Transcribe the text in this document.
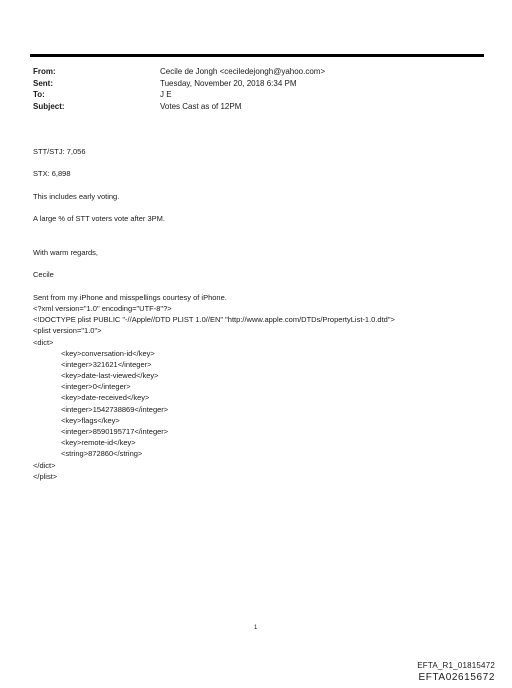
From:	Cecile de Jongh <ceciledejongh@yahoo.com>
Sent:	Tuesday, November 20, 2018 6:34 PM
To:	J E
Subject:	Votes Cast as of 12PM
STT/STJ: 7,056
STX: 6,898
This includes early voting.
A large % of STT voters vote after 3PM.
With warm regards,
Cecile
Sent from my iPhone and misspellings courtesy of iPhone.
<?xml version="1.0" encoding="UTF-8"?>
<!DOCTYPE plist PUBLIC "-//Apple//DTD PLIST 1.0//EN" "http://www.apple.com/DTDs/PropertyList-1.0.dtd">
<plist version="1.0">
<dict>
<key>conversation-id</key>
<integer>321621</integer>
<key>date-last-viewed</key>
<integer>0</integer>
<key>date-received</key>
<integer>1542738869</integer>
<key>flags</key>
<integer>8590195717</integer>
<key>remote-id</key>
<string>872860</string>
</dict>
</plist>
1
EFTA_R1_01815472
EFTA02615672
